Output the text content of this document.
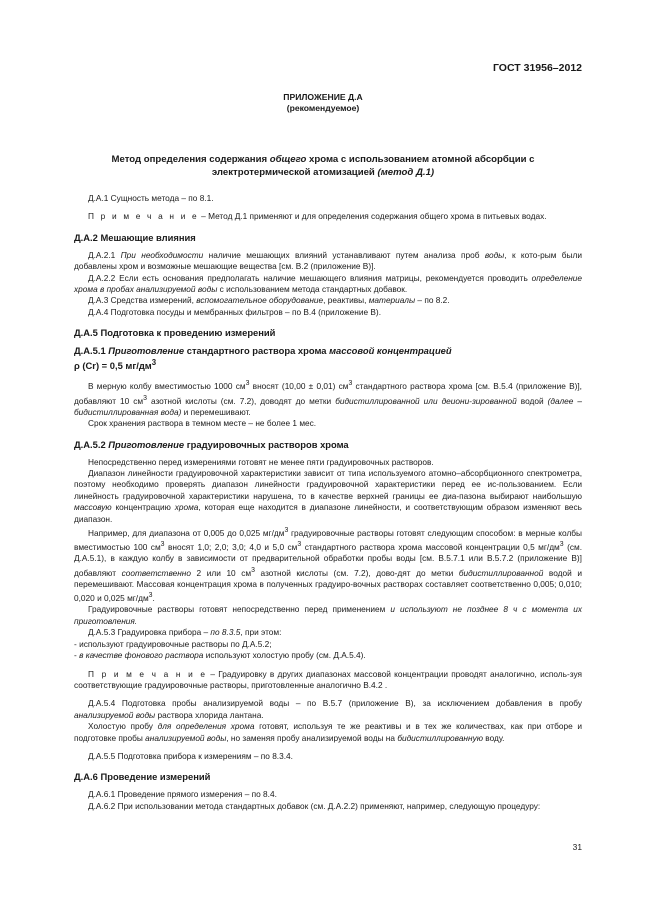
ГОСТ 31956–2012
ПРИЛОЖЕНИЕ Д.А
(рекомендуемое)
Метод определения содержания общего хрома с использованием атомной абсорбции с
электротермической атомизацией (метод Д.1)

Д.А.1 Сущность метода – по 8.1.

П р и м е ч а н и е – Метод Д.1 применяют и для определения содержания общего хрома в питьевых водах.

Д.А.2 Мешающие влияния

Д.А.2.1 При необходимости наличие мешающих влияний устанавливают путем анализа проб воды, к кото-рым были добавлены хром и возможные мешающие вещества [см. В.2 (приложение В)].

Д.А.2.2 Если есть основания предполагать наличие мешающего влияния матрицы, рекомендуется проводить определение хрома в пробах анализируемой воды с использованием метода стандартных добавок.

Д.А.3 Средства измерений, вспомогательное оборудование, реактивы, материалы – по 8.2.

Д.А.4 Подготовка посуды и мембранных фильтров – по В.4 (приложение В).

Д.А.5 Подготовка к проведению измерений
Д.А.5.1 Приготовление стандартного раствора хрома массовой концентрацией
ρ (Cr) = 0,5 $мг/дм^3$

В мерную колбу вместимостью 1000 $см^3$ вносят (10,00 ± 0,01) $см^3$ стандартного раствора хрома [см. В.5.4 (приложение В)], добавляют 10 $см^3$ азотной кислоты (см. 7.2), доводят до метки бидистиллированной или деиони-зированной водой (далее – бидистиллированная вода) и перемешивают.

Срок хранения раствора в темном месте – не более 1 мес.

Д.А.5.2 Приготовление градуировочных растворов хрома

Непосредственно перед измерениями готовят не менее пяти градуировочных растворов.

Диапазон линейности градуировочной характеристики зависит от типа используемого атомно–абсорбционного спектрометра, поэтому необходимо проверять диапазон линейности градуировочной характеристики перед ее ис-пользованием. Если линейность градуировочной характеристики нарушена, то в качестве верхней границы ее диа-пазона выбирают наибольшую массовую концентрацию хрома, которая еще находится в диапазоне линейности, и соответствующим образом изменяют весь диапазон.

Например, для диапазона от 0,005 до 0,025 $мг/дм^3$ градуировочные растворы готовят следующим способом: в мерные колбы вместимостью 100 $см^3$ вносят 1,0; 2,0; 3,0; 4,0 и 5,0 $см^3$ стандартного раствора хрома массовой концентрации 0,5 $мг/дм^3$ (см. Д.А.5.1), в каждую колбу в зависимости от предварительной обработки пробы воды [см. В.5.7.1 или В.5.7.2 (приложение В)] добавляют соответственно 2 или 10 $см^3$ азотной кислоты (см. 7.2), дово-дят до метки бидистиллированной водой и перемешивают. Массовая концентрация хрома в полученных градуиро-вочных растворах составляет соответственно 0,005; 0,010; 0,020 и 0,025 $мг/дм^3$.

Градуировочные растворы готовят непосредственно перед применением и используют не позднее 8 ч с момента их приготовления.

Д.А.5.3 Градуировка прибора – по 8.3.5, при этом:

- используют градуировочные растворы по Д.А.5.2;

- в качестве фонового раствора используют холостую пробу (см. Д.А.5.4).

П р и м е ч а н и е – Градуировку в других диапазонах массовой концентрации проводят аналогично, исполь-зуя соответствующие градуировочные растворы, приготовленные аналогично В.4.2 .

Д.А.5.4 Подготовка пробы анализируемой воды – по В.5.7 (приложение В), за исключением добавления в пробу анализируемой воды раствора хлорида лантана.

Холостую пробу для определения хрома готовят, используя те же реактивы и в тех же количествах, как при отборе и подготовке пробы анализируемой воды, но заменяя пробу анализируемой воды на бидистиллированную воду.

Д.А.5.5 Подготовка прибора к измерениям – по 8.3.4.

Д.А.6 Проведение измерений

Д.А.6.1 Проведение прямого измерения – по 8.4.

Д.А.6.2 При использовании метода стандартных добавок (см. Д.А.2.2) применяют, например, следующую процедуру:

31
